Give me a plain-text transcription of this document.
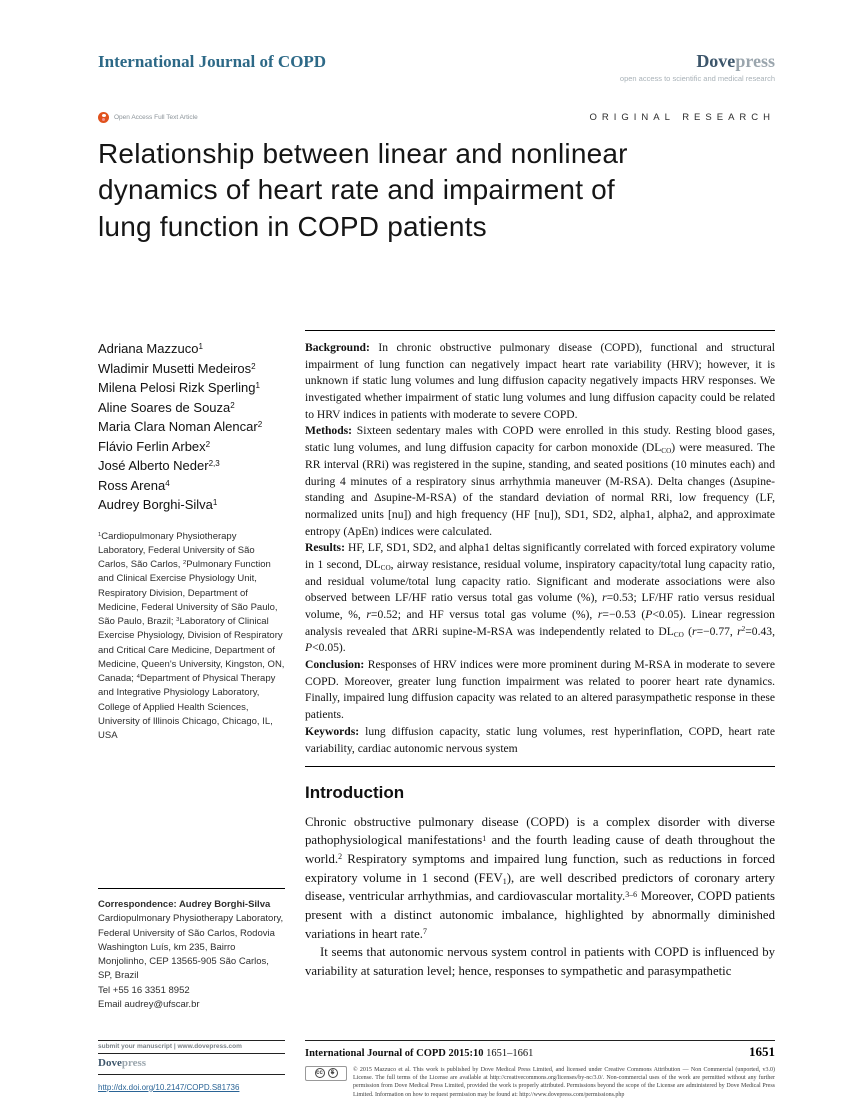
International Journal of COPD	Dovepress
open access to scientific and medical research
Open Access Full Text Article	ORIGINAL RESEARCH
Relationship between linear and nonlinear dynamics of heart rate and impairment of lung function in COPD patients
Adriana Mazzuco$^1$
Wladimir Musetti Medeiros$^2$
Milena Pelosi Rizk Sperling$^1$
Aline Soares de Souza$^2$
Maria Clara Noman Alencar$^2$
Flávio Ferlin Arbex$^2$
José Alberto Neder$^{2,3}$
Ross Arena$^4$
Audrey Borghi-Silva$^1$

$^1$Cardiopulmonary Physiotherapy Laboratory, Federal University of São Carlos, São Carlos, $^2$Pulmonary Function and Clinical Exercise Physiology Unit, Respiratory Division, Department of Medicine, Federal University of São Paulo, São Paulo, Brazil; $^3$Laboratory of Clinical Exercise Physiology, Division of Respiratory and Critical Care Medicine, Department of Medicine, Queen's University, Kingston, ON, Canada; $^4$Department of Physical Therapy and Integrative Physiology Laboratory, College of Applied Health Sciences, University of Illinois Chicago, Chicago, IL, USA

Correspondence: Audrey Borghi-Silva
Cardiopulmonary Physiotherapy Laboratory, Federal University of São Carlos, Rodovia Washington Luís, km 235, Bairro Monjolinho, CEP 13565-905 São Carlos, SP, Brazil
Tel +55 16 3351 8952
Email audrey@ufscar.br

Background: In chronic obstructive pulmonary disease (COPD), functional and structural impairment of lung function can negatively impact heart rate variability (HRV); however, it is unknown if static lung volumes and lung diffusion capacity negatively impacts HRV responses. We investigated whether impairment of static lung volumes and lung diffusion capacity could be related to HRV indices in patients with moderate to severe COPD.

Methods: Sixteen sedentary males with COPD were enrolled in this study. Resting blood gases, static lung volumes, and lung diffusion capacity for carbon monoxide $(DL_{CO})$ were measured. The RR interval (RRi) was registered in the supine, standing, and seated positions (10 minutes each) and during 4 minutes of a respiratory sinus arrhythmia maneuver (M-RSA). Delta changes (Δsupine-standing and Δsupine-M-RSA) of the standard deviation of normal RRi, low frequency (LF, normalized units [nu]) and high frequency (HF [nu]), SD1, SD2, alpha1, alpha2, and approximate entropy (ApEn) indices were calculated.

Results: HF, LF, SD1, SD2, and alpha1 deltas significantly correlated with forced expiratory volume in 1 second, $DL_{CO}$, airway resistance, residual volume, inspiratory capacity/total lung capacity ratio, and residual volume/total lung capacity ratio. Significant and moderate associations were also observed between LF/HF ratio versus total gas volume (%), r=0.53; LF/HF ratio versus residual volume, %, r=0.52; and HF versus total gas volume (%), r=−0.53 (P<0.05). Linear regression analysis revealed that ΔRRi supine-M-RSA was independently related to $DL_{CO}$ (r=−0.77, $r^2=0.43$, P<0.05).

Conclusion: Responses of HRV indices were more prominent during M-RSA in moderate to severe COPD. Moreover, greater lung function impairment was related to poorer heart rate dynamics. Finally, impaired lung diffusion capacity was related to an altered parasympathetic response in these patients.

Keywords: lung diffusion capacity, static lung volumes, rest hyperinflation, COPD, heart rate variability, cardiac autonomic nervous system

Introduction

Chronic obstructive pulmonary disease (COPD) is a complex disorder with diverse pathophysiological manifestations$^1$ and the fourth leading cause of death throughout the world.$^2$ Respiratory symptoms and impaired lung function, such as reductions in forced expiratory volume in 1 second $(FEV_1)$, are well described predictors of coronary artery disease, ventricular arrhythmias, and cardiovascular mortality.$^{3-6}$ Moreover, COPD patients present with a distinct autonomic imbalance, highlighted by abnormally diminished variations in heart rate.$^7$

It seems that autonomic nervous system control in patients with COPD is influenced by variability at saturation level; hence, responses to sympathetic and parasympathetic

submit your manuscript | www.dovepress.com
Dovepress
http://dx.doi.org/10.2147/COPD.S81736
International Journal of COPD 2015:10 1651–1661	1651
cc	$
© 2015 Mazzuco et al. This work is published by Dove Medical Press Limited, and licensed under Creative Commons Attribution — Non Commercial (unported, v3.0) License. The full terms of the License are available at http://creativecommons.org/licenses/by-nc/3.0/. Non-commercial uses of the work are permitted without any further permission from Dove Medical Press Limited, provided the work is properly attributed. Permissions beyond the scope of the License are administered by Dove Medical Press Limited. Information on how to request permission may be found at: http://www.dovepress.com/permissions.php
